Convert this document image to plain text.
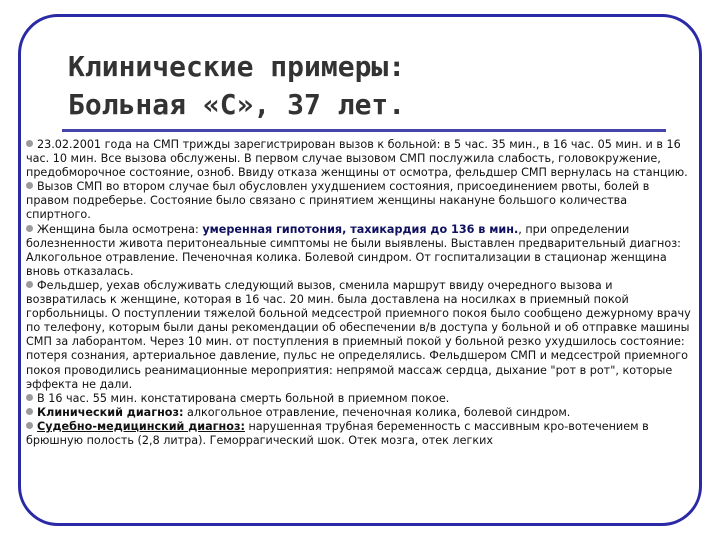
Клинические примеры:
Больная «С», 37 лет.

23.02.2001 года на СМП трижды зарегистрирован вызов к больной: в 5 час. 35 мин., в 16 час. 05 мин. и в 16 час. 10 мин. Все вызова обслужены. В первом случае вызовом СМП послужила слабость, головокружение, предобморочное состояние, озноб. Ввиду отказа женщины от осмотра, фельдшер СМП вернулась на станцию.

Вызов СМП во втором случае был обусловлен ухудшением состояния, присоединением рвоты, болей в правом подреберье. Состояние было связано с принятием женщины накануне большого количества спиртного.

Женщина была осмотрена: умеренная гипотония, тахикардия до 136 в мин., при определении болезненности живота перитонеальные симптомы не были выявлены. Выставлен предварительный диагноз: Алкогольное отравление. Печеночная колика. Болевой синдром. От госпитализации в стационар женщина вновь отказалась.

Фельдшер, уехав обслуживать следующий вызов, сменила маршрут ввиду очередного вызова и возвратилась к женщине, которая в 16 час. 20 мин. была доставлена на носилках в приемный покой горбольницы. О поступлении тяжелой больной медсестрой приемного покоя было сообщено дежурному врачу по телефону, которым были даны рекомендации об обеспечении в/в доступа у больной и об отправке машины СМП за лаборантом. Через 10 мин. от поступления в приемный покой у больной резко ухудшилось состояние: потеря сознания, артериальное давление, пульс не определялись. Фельдшером СМП и медсестрой приемного покоя проводились реанимационные мероприятия: непрямой массаж сердца, дыхание "рот в рот", которые эффекта не дали.

В 16 час. 55 мин. констатирована смерть больной в приемном покое.

Клинический диагноз: алкогольное отравление, печеночная колика, болевой синдром.

Судебно-медицинский диагноз: нарушенная трубная беременность с массивным кро-вотечением в брюшную полость (2,8 литра). Геморрагический шок. Отек мозга, отек легких
